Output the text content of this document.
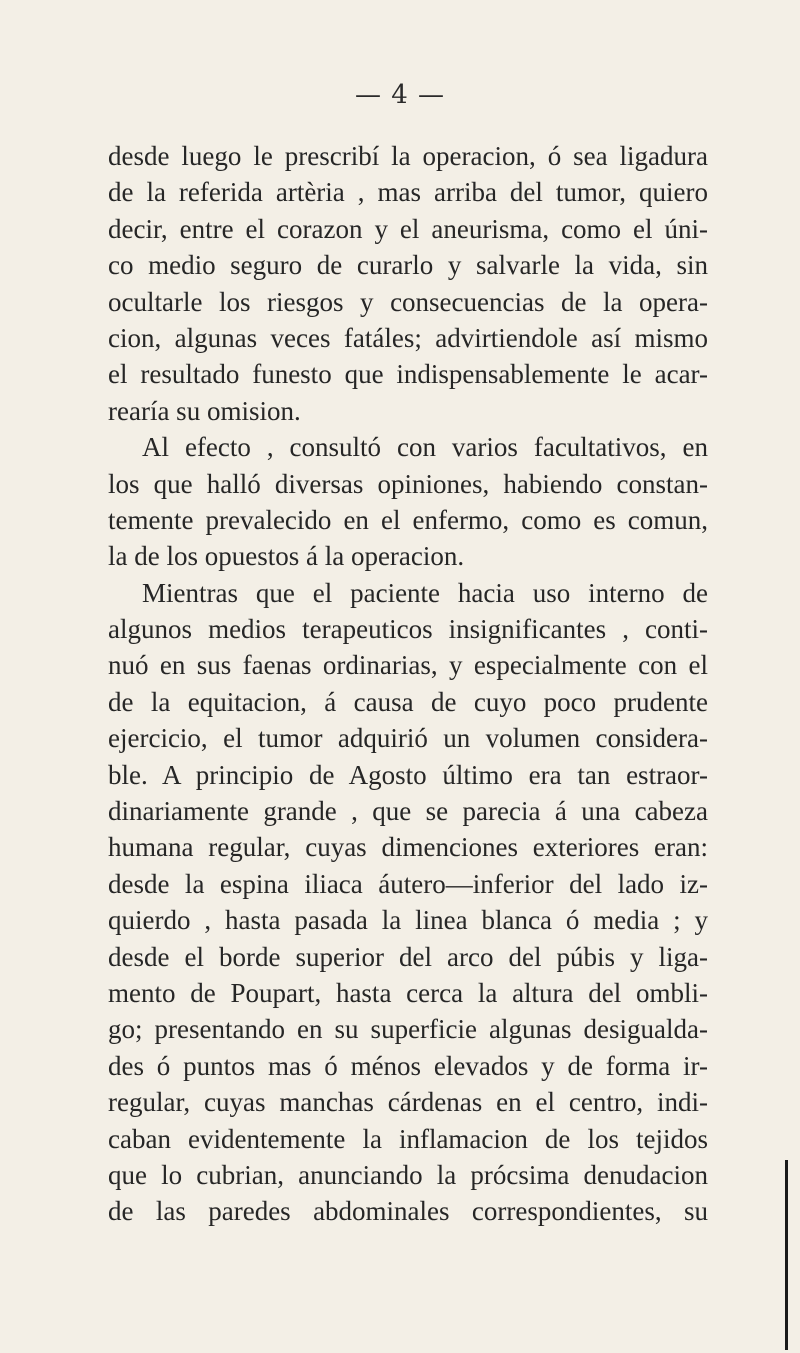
— 4 —
desde luego le prescribí la operacion, ó sea ligadura
de la referida artèria , mas arriba del tumor, quiero
decir, entre el corazon y el aneurisma, como el úni-
co medio seguro de curarlo y salvarle la vida, sin
ocultarle los riesgos y consecuencias de la opera-
cion, algunas veces fatáles; advirtiendole así mismo
el resultado funesto que indispensablemente le acar-
rearía su omision.
Al efecto , consultó con varios facultativos, en
los que halló diversas opiniones, habiendo constan-
temente prevalecido en el enfermo, como es comun,
la de los opuestos á la operacion.
Mientras que el paciente hacia uso interno de
algunos medios terapeuticos insignificantes , conti-
nuó en sus faenas ordinarias, y especialmente con el
de la equitacion, á causa de cuyo poco prudente
ejercicio, el tumor adquirió un volumen considera-
ble. A principio de Agosto último era tan estraor-
dinariamente grande , que se parecia á una cabeza
humana regular, cuyas dimenciones exteriores eran:
desde la espina iliaca áutero—inferior del lado iz-
quierdo , hasta pasada la linea blanca ó media ; y
desde el borde superior del arco del púbis y liga-
mento de Poupart, hasta cerca la altura del ombli-
go; presentando en su superficie algunas desigualda-
des ó puntos mas ó ménos elevados y de forma ir-
regular, cuyas manchas cárdenas en el centro, indi-
caban evidentemente la inflamacion de los tejidos
que lo cubrian, anunciando la prócsima denudacion
de las paredes abdominales correspondientes, su
